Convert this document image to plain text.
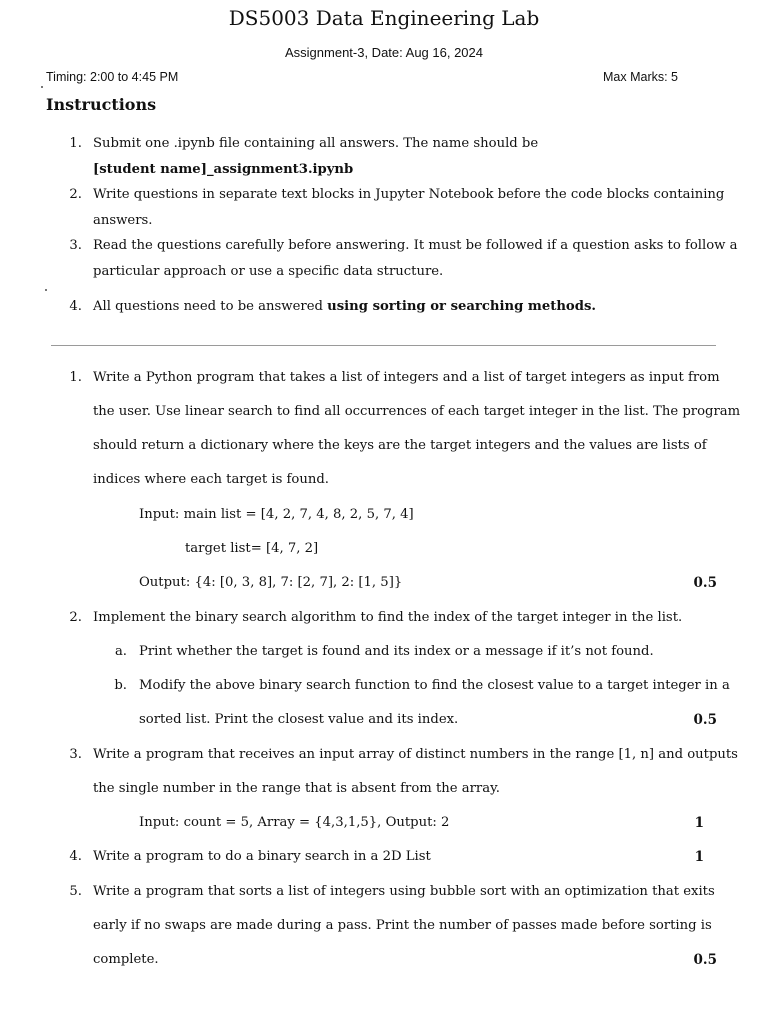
DS5003 Data Engineering Lab
Assignment-3, Date: Aug 16, 2024
Timing: 2:00 to 4:45 PM	Max Marks: 5
Instructions
1. Submit one .ipynb file containing all answers. The name should be
[student name]_assignment3.ipynb
2. Write questions in separate text blocks in Jupyter Notebook before the code blocks containing
answers.
3. Read the questions carefully before answering. It must be followed if a question asks to follow a
particular approach or use a specific data structure.
4. All questions need to be answered using sorting or searching methods.
1. Write a Python program that takes a list of integers and a list of target integers as input from
the user. Use linear search to find all occurrences of each target integer in the list. The program
should return a dictionary where the keys are the target integers and the values are lists of
indices where each target is found.
Input: main list = [4, 2, 7, 4, 8, 2, 5, 7, 4]
target list= [4, 7, 2]
Output: {4: [0, 3, 8], 7: [2, 7], 2: [1, 5]}	0.5
2. Implement the binary search algorithm to find the index of the target integer in the list.
a. Print whether the target is found and its index or a message if it’s not found.
b. Modify the above binary search function to find the closest value to a target integer in a
sorted list. Print the closest value and its index.	0.5
3. Write a program that receives an input array of distinct numbers in the range [1, n] and outputs
the single number in the range that is absent from the array.
Input: count = 5, Array = {4,3,1,5}, Output: 2	1
4. Write a program to do a binary search in a 2D List	1
5. Write a program that sorts a list of integers using bubble sort with an optimization that exits
early if no swaps are made during a pass. Print the number of passes made before sorting is
complete.	0.5
